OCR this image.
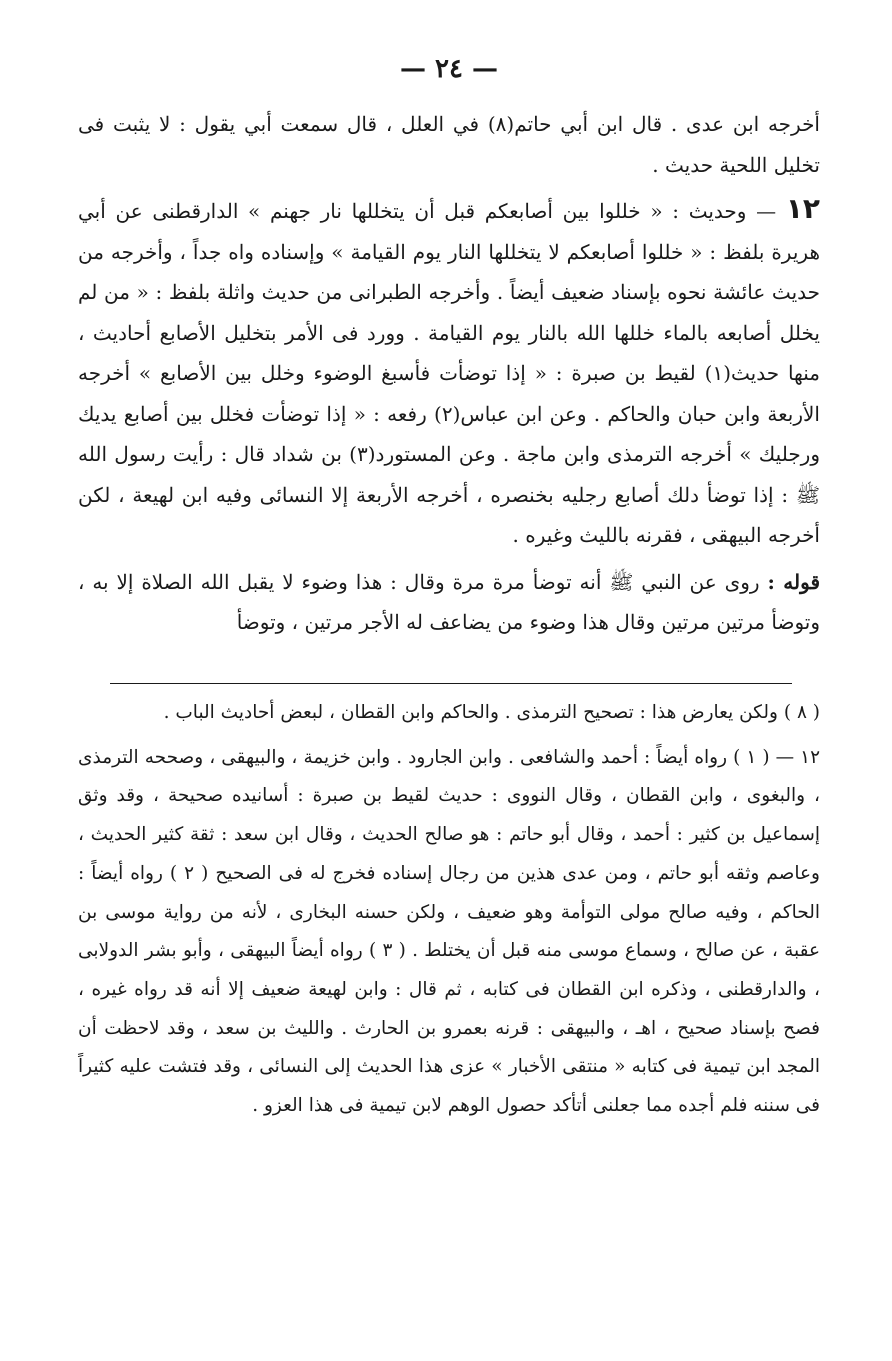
— ٢٤ —

أخرجه ابن عدى . قال ابن أبي حاتم(٨) في العلل ، قال سمعت أبي يقول : لا يثبت فى تخليل اللحية حديث .

١٢ — وحديث : « خللوا بين أصابعكم قبل أن يتخللها نار جهنم » الدارقطنى عن أبي هريرة بلفظ : « خللوا أصابعكم لا يتخللها النار يوم القيامة » وإسناده واه جداً ، وأخرجه من حديث عائشة نحوه بإسناد ضعيف أيضاً . وأخرجه الطبرانى من حديث واثلة بلفظ : « من لم يخلل أصابعه بالماء خللها الله بالنار يوم القيامة . وورد فى الأمر بتخليل الأصابع أحاديث ، منها حديث(١) لقيط بن صبرة : « إذا توضأت فأسبغ الوضوء وخلل بين الأصابع » أخرجه الأربعة وابن حبان والحاكم . وعن ابن عباس(٢) رفعه : « إذا توضأت فخلل بين أصابع يديك ورجليك » أخرجه الترمذى وابن ماجة . وعن المستورد(٣) بن شداد قال : رأيت رسول الله ﷺ : إذا توضأ دلك أصابع رجليه بخنصره ، أخرجه الأربعة إلا النسائى وفيه ابن لهيعة ، لكن أخرجه البيهقى ، فقرنه بالليث وغيره .

قوله : روى عن النبي ﷺ أنه توضأ مرة مرة وقال : هذا وضوء لا يقبل الله الصلاة إلا به ، وتوضأ مرتين مرتين وقال هذا وضوء من يضاعف له الأجر مرتين ، وتوضأ

( ٨ ) ولكن يعارض هذا : تصحيح الترمذى . والحاكم وابن القطان ، لبعض أحاديث الباب .

١٢ — ( ١ ) رواه أيضاً : أحمد والشافعى . وابن الجارود . وابن خزيمة ، والبيهقى ، وصححه الترمذى ، والبغوى ، وابن القطان ، وقال النووى : حديث لقيط بن صبرة : أسانيده صحيحة ، وقد وثق إسماعيل بن كثير : أحمد ، وقال أبو حاتم : هو صالح الحديث ، وقال ابن سعد : ثقة كثير الحديث ، وعاصم وثقه أبو حاتم ، ومن عدى هذين من رجال إسناده فخرج له فى الصحيح ( ٢ ) رواه أيضاً : الحاكم ، وفيه صالح مولى التوأمة وهو ضعيف ، ولكن حسنه البخارى ، لأنه من رواية موسى بن عقبة ، عن صالح ، وسماع موسى منه قبل أن يختلط . ( ٣ ) رواه أيضاً البيهقى ، وأبو بشر الدولابى ، والدارقطنى ، وذكره ابن القطان فى كتابه ، ثم قال : وابن لهيعة ضعيف إلا أنه قد رواه غيره ، فصح بإسناد صحيح ، اهـ ، والبيهقى : قرنه بعمرو بن الحارث . والليث بن سعد ، وقد لاحظت أن المجد ابن تيمية فى كتابه « منتقى الأخبار » عزى هذا الحديث إلى النسائى ، وقد فتشت عليه كثيراً فى سننه فلم أجده مما جعلنى أتأكد حصول الوهم لابن تيمية فى هذا العزو .
